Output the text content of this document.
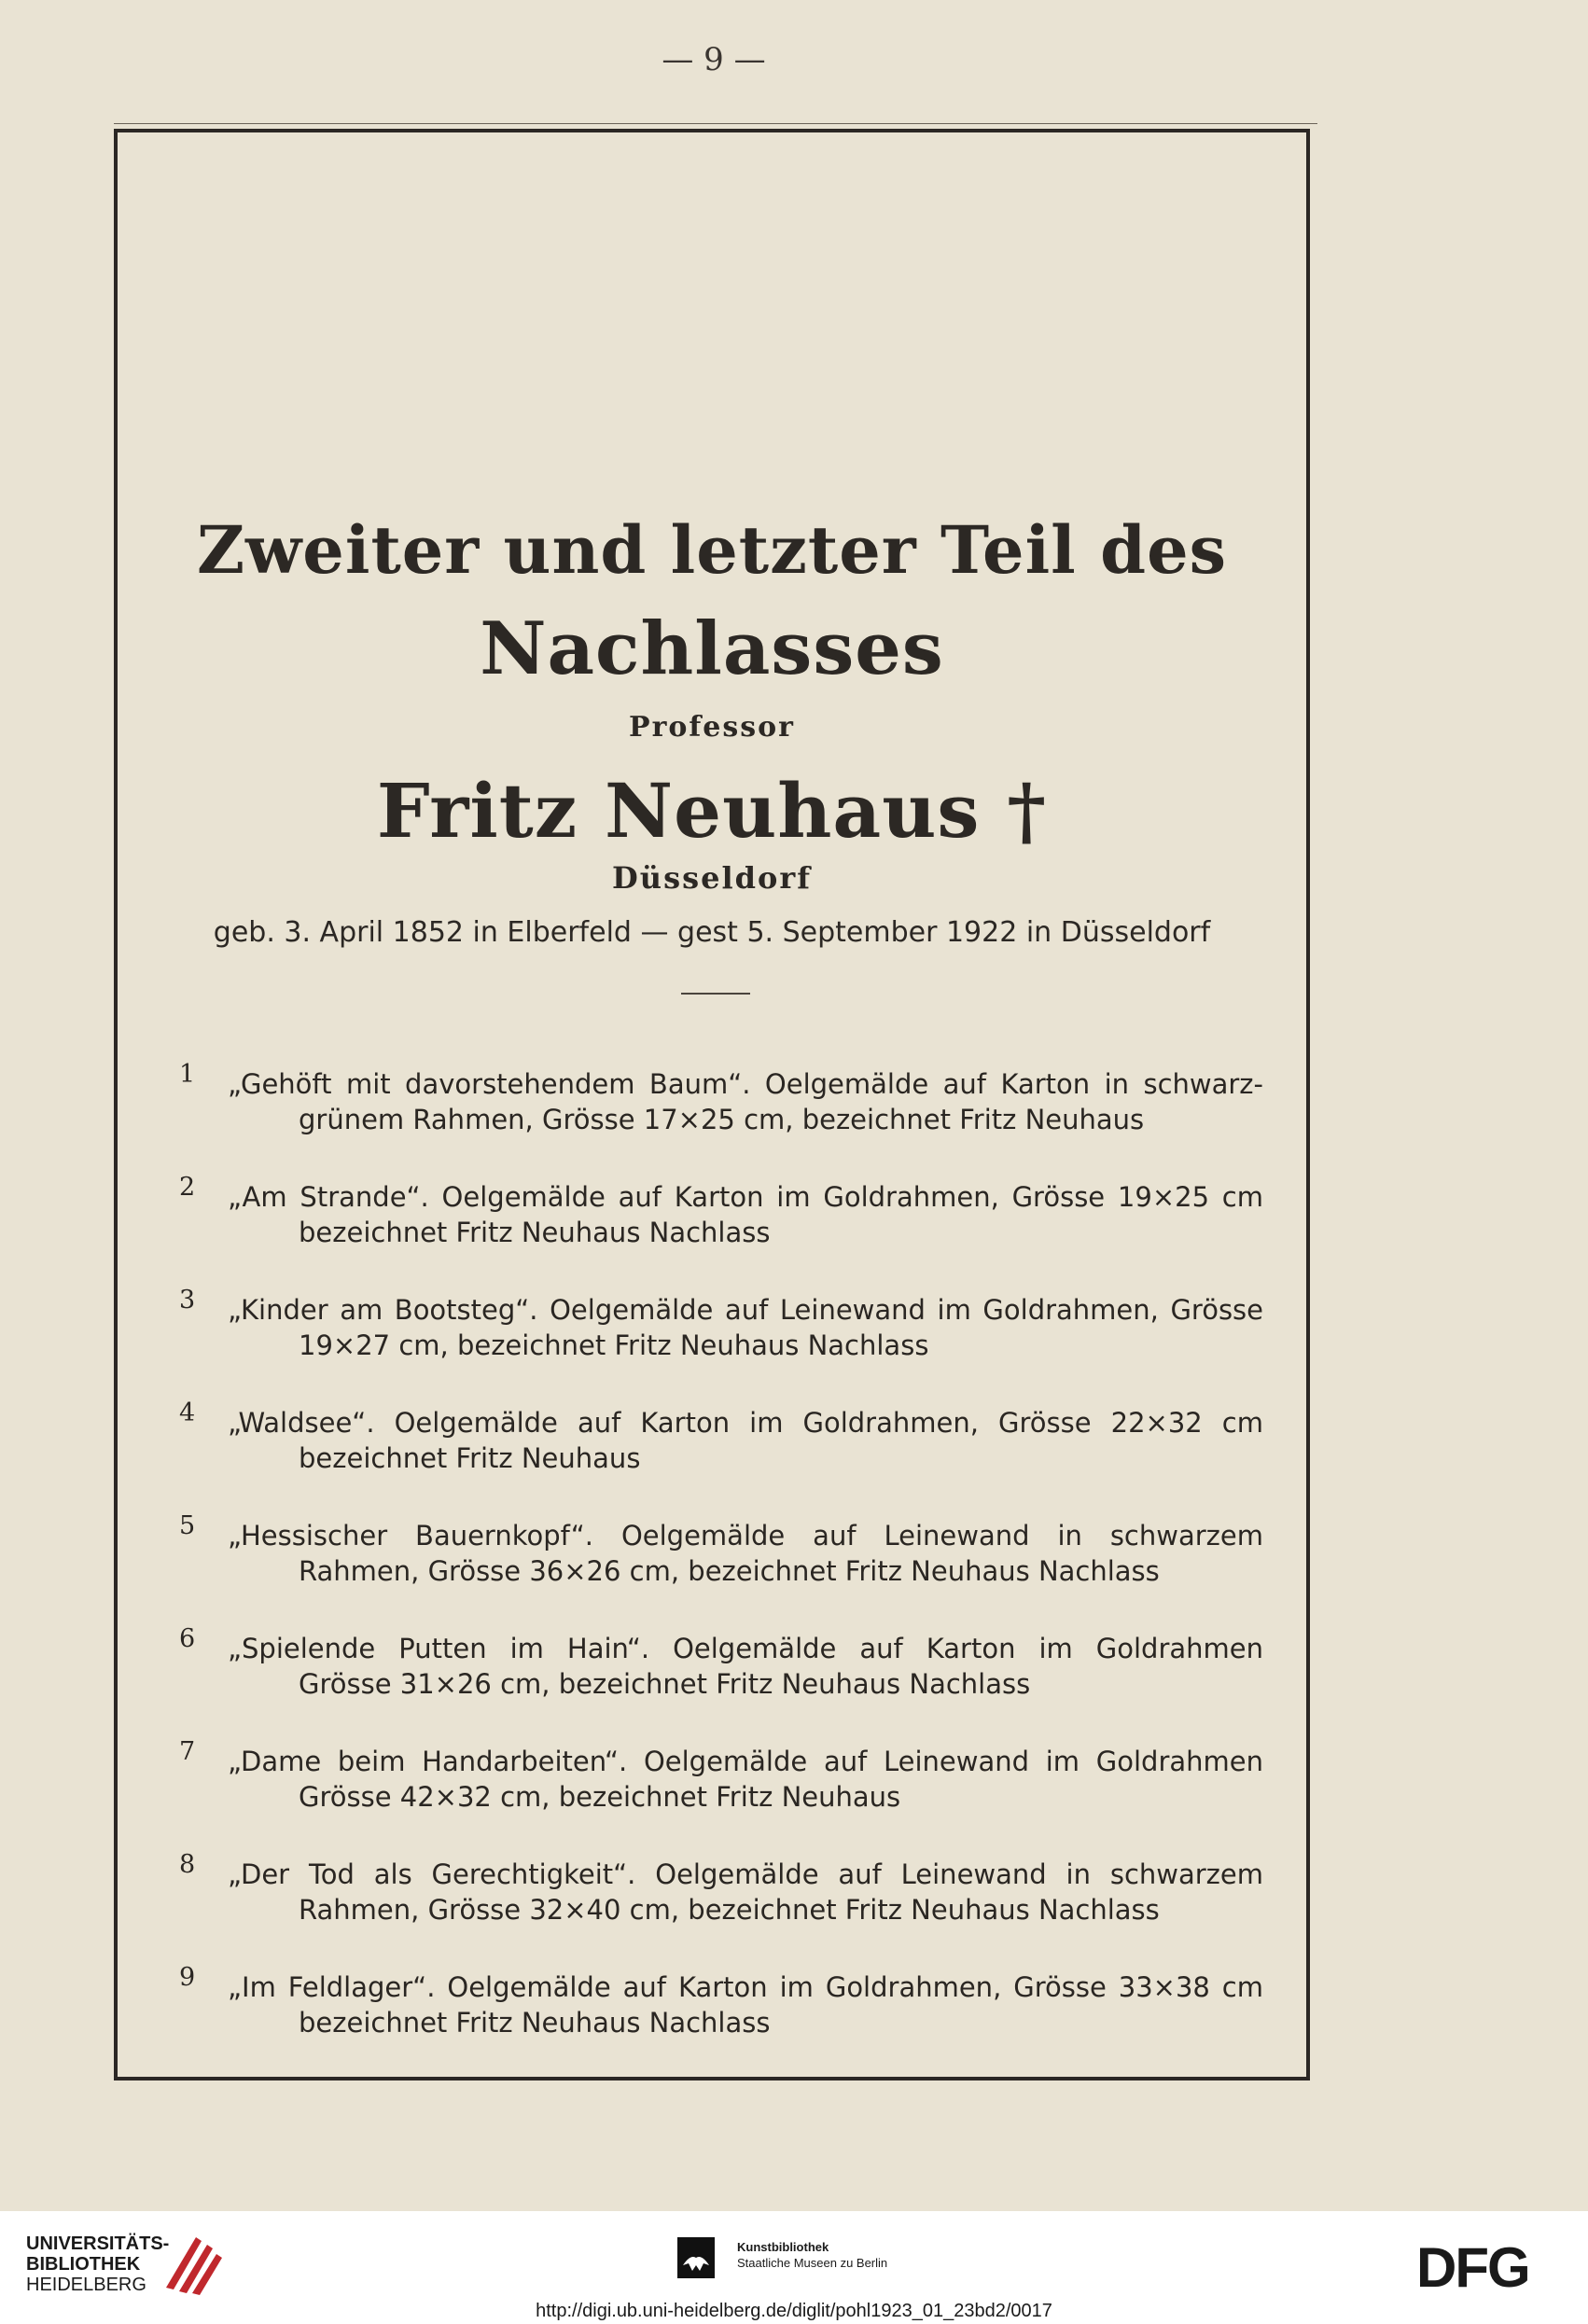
— 9 —
Zweiter und letzter Teil des
Nachlasses
Professor
Fritz Neuhaus †
Düsseldorf
geb. 3. April 1852 in Elberfeld — gest 5. September 1922 in Düsseldorf
1	„Gehöft mit davorstehendem Baum“. Oelgemälde auf Karton in schwarz-
grünem Rahmen, Grösse 17×25 cm, bezeichnet Fritz Neuhaus
2	„Am Strande“. Oelgemälde auf Karton im Goldrahmen, Grösse 19×25 cm
bezeichnet Fritz Neuhaus Nachlass
3	„Kinder am Bootsteg“. Oelgemälde auf Leinewand im Goldrahmen, Grösse
19×27 cm, bezeichnet Fritz Neuhaus Nachlass
4	„Waldsee“. Oelgemälde auf Karton im Goldrahmen, Grösse 22×32 cm
bezeichnet Fritz Neuhaus
5	„Hessischer Bauernkopf“. Oelgemälde auf Leinewand in schwarzem
Rahmen, Grösse 36×26 cm, bezeichnet Fritz Neuhaus Nachlass
6	„Spielende Putten im Hain“. Oelgemälde auf Karton im Goldrahmen
Grösse 31×26 cm, bezeichnet Fritz Neuhaus Nachlass
7	„Dame beim Handarbeiten“. Oelgemälde auf Leinewand im Goldrahmen
Grösse 42×32 cm, bezeichnet Fritz Neuhaus
8	„Der Tod als Gerechtigkeit“. Oelgemälde auf Leinewand in schwarzem
Rahmen, Grösse 32×40 cm, bezeichnet Fritz Neuhaus Nachlass
9	„Im Feldlager“. Oelgemälde auf Karton im Goldrahmen, Grösse 33×38 cm
bezeichnet Fritz Neuhaus Nachlass
UNIVERSITÄTS-
BIBLIOTHEK
HEIDELBERG
Kunstbibliothek
Staatliche Museen zu Berlin	DFG
http://digi.ub.uni-heidelberg.de/diglit/pohl1923_01_23bd2/0017
